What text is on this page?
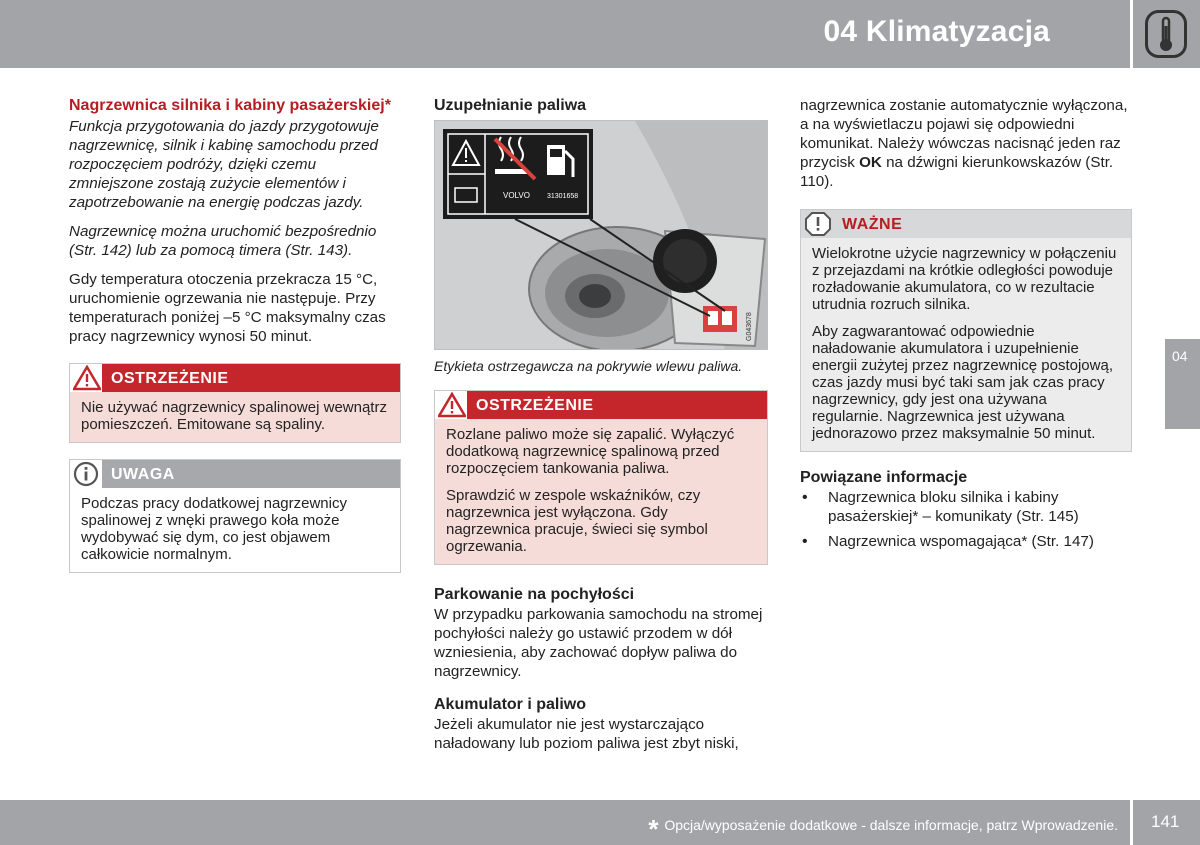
04 Klimatyzacja
04
Nagrzewnica silnika i kabiny pasażerskiej*

Funkcja przygotowania do jazdy przygotowuje nagrzewnicę, silnik i kabinę samochodu przed rozpoczęciem podróży, dzięki czemu zmniejszone zostają zużycie elementów i zapotrzebowanie na energię podczas jazdy.

Nagrzewnicę można uruchomić bezpośrednio (Str. 142) lub za pomocą timera (Str. 143).

Gdy temperatura otoczenia przekracza 15 °C, uruchomienie ogrzewania nie następuje. Przy temperaturach poniżej –5 °C maksymalny czas pracy nagrzewnicy wynosi 50 minut.

OSTRZEŻENIE

Nie używać nagrzewnicy spalinowej wewnątrz pomieszczeń. Emitowane są spaliny.

UWAGA

Podczas pracy dodatkowej nagrzewnicy spalinowej z wnęki prawego koła może wydobywać się dym, co jest objawem całkowicie normalnym.

Uzupełnianie paliwa
VOLVO 31301658
G043678
Etykieta ostrzegawcza na pokrywie wlewu paliwa.
OSTRZEŻENIE

Rozlane paliwo może się zapalić. Wyłączyć dodatkową nagrzewnicę spalinową przed rozpoczęciem tankowania paliwa.

Sprawdzić w zespole wskaźników, czy nagrzewnica jest wyłączona. Gdy nagrzewnica pracuje, świeci się symbol ogrzewania.

Parkowanie na pochyłości

W przypadku parkowania samochodu na stromej pochyłości należy go ustawić przodem w dół wzniesienia, aby zachować dopływ paliwa do nagrzewnicy.

Akumulator i paliwo

Jeżeli akumulator nie jest wystarczająco naładowany lub poziom paliwa jest zbyt niski,

nagrzewnica zostanie automatycznie wyłączona, a na wyświetlaczu pojawi się odpowiedni komunikat. Należy wówczas nacisnąć jeden raz przycisk OK na dźwigni kierunkowskazów (Str. 110).

WAŻNE

Wielokrotne użycie nagrzewnicy w połączeniu z przejazdami na krótkie odległości powoduje rozładowanie akumulatora, co w rezultacie utrudnia rozruch silnika.

Aby zagwarantować odpowiednie naładowanie akumulatora i uzupełnienie energii zużytej przez nagrzewnicę postojową, czas jazdy musi być taki sam jak czas pracy nagrzewnicy, gdy jest ona używana regularnie. Nagrzewnica jest używana jednorazowo przez maksymalnie 50 minut.

Powiązane informacje
• Nagrzewnica bloku silnika i kabiny pasażerskiej* – komunikaty (Str. 145)
• Nagrzewnica wspomagająca* (Str. 147)
* Opcja/wyposażenie dodatkowe - dalsze informacje, patrz Wprowadzenie. 141
